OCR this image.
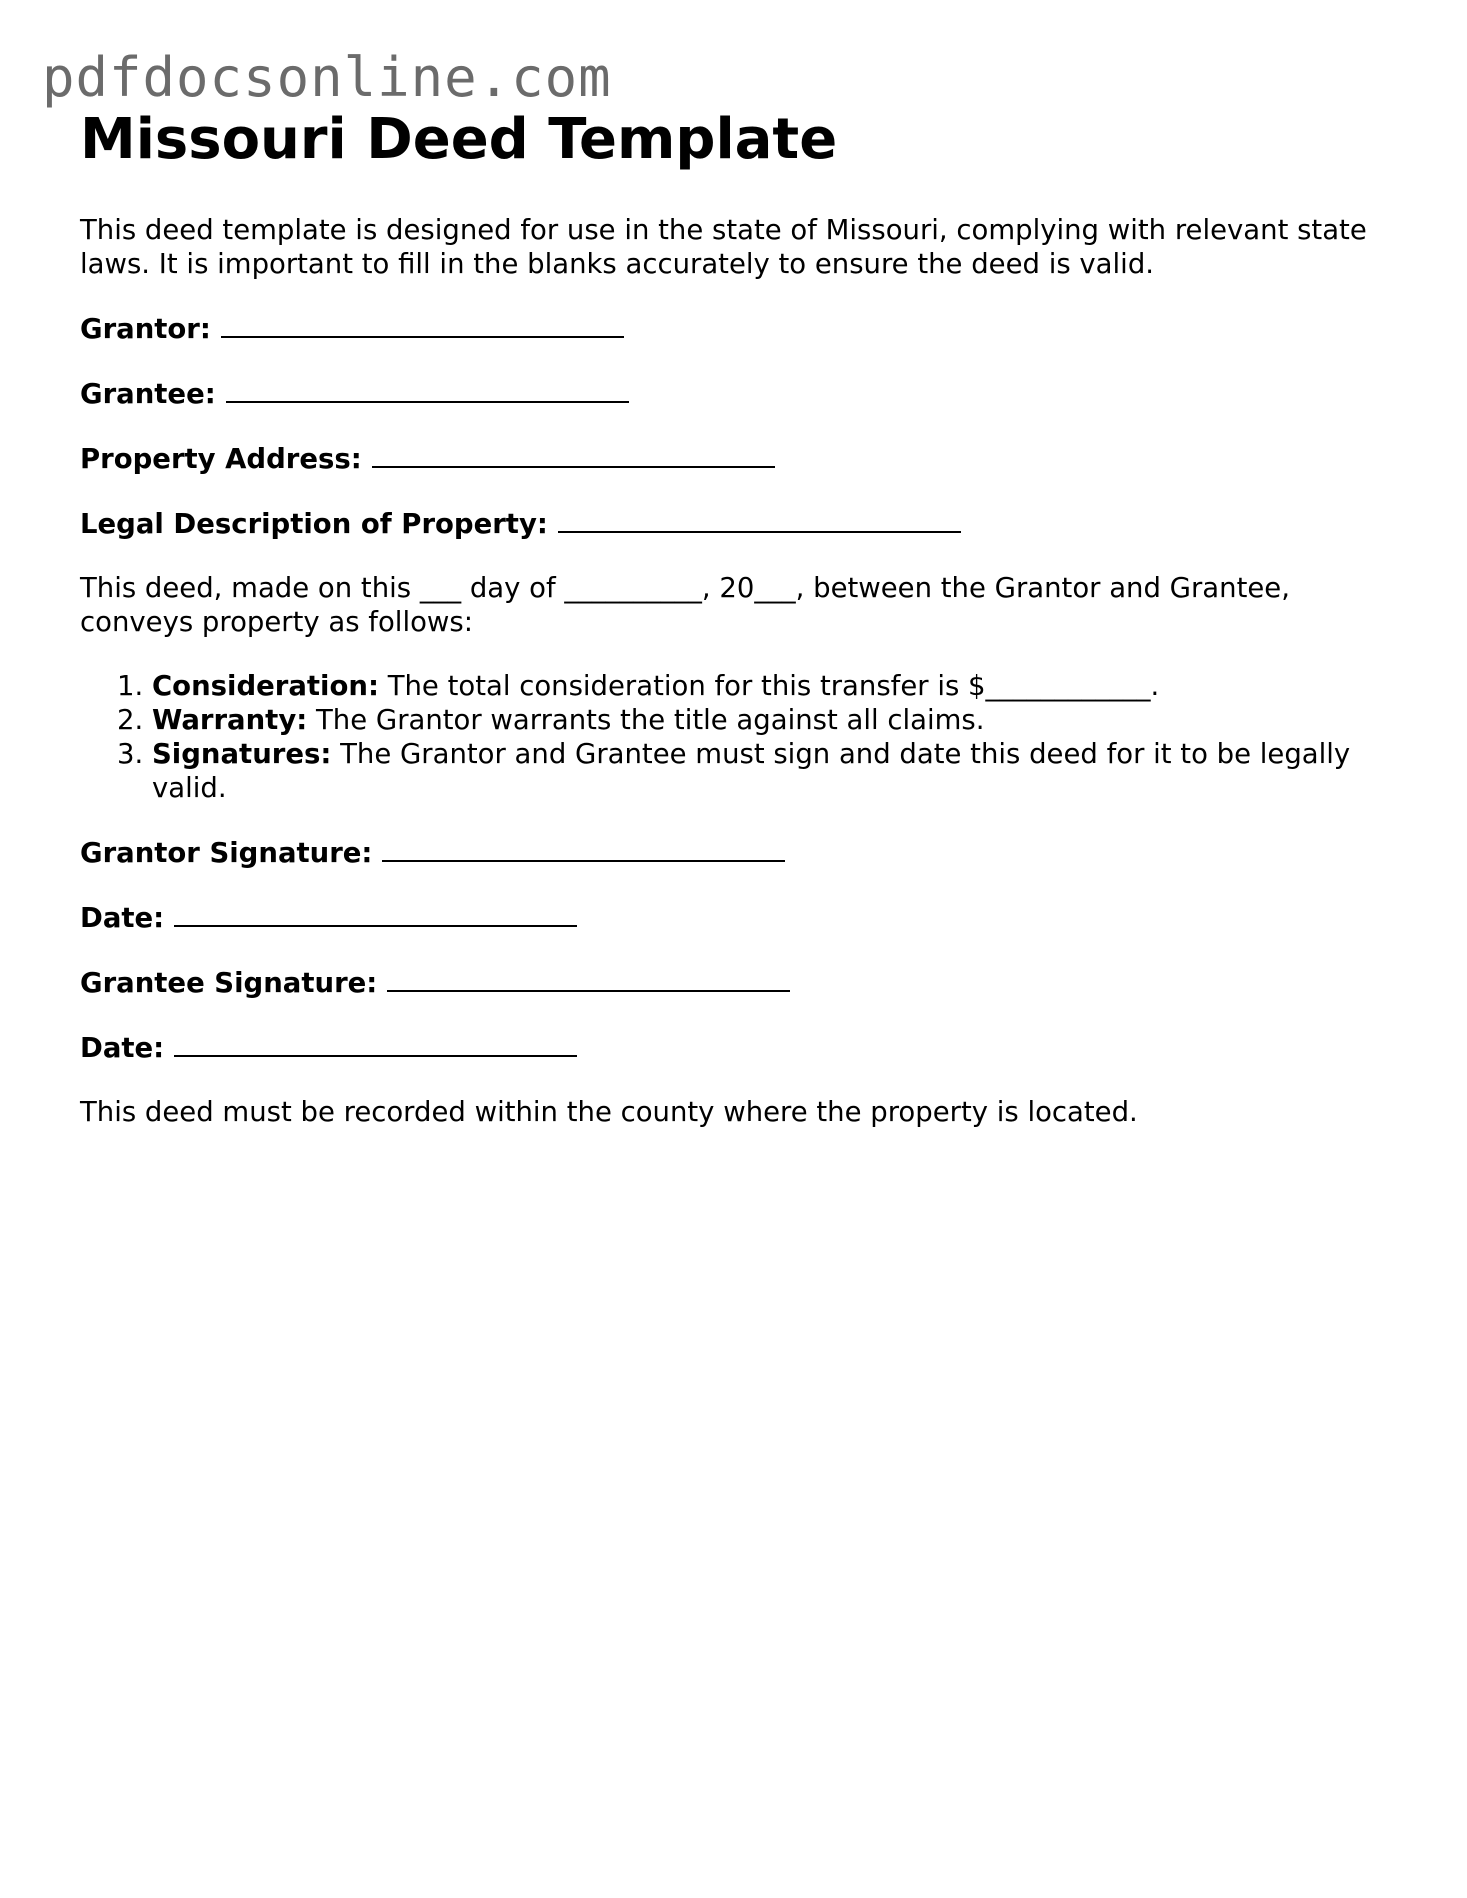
pdfdocsonline.com
Missouri Deed Template

This deed template is designed for use in the state of Missouri, complying with relevant state laws. It is important to fill in the blanks accurately to ensure the deed is valid.

Grantor:
Grantee:
Property Address:
Legal Description of Property:

This deed, made on this ___ day of __________, 20___, between the Grantor and Grantee, conveys property as follows:

1. Consideration: The total consideration for this transfer is $____________.
2. Warranty: The Grantor warrants the title against all claims.
3. Signatures: The Grantor and Grantee must sign and date this deed for it to be legally valid.
Grantor Signature:
Date:
Grantee Signature:
Date:

This deed must be recorded within the county where the property is located.
